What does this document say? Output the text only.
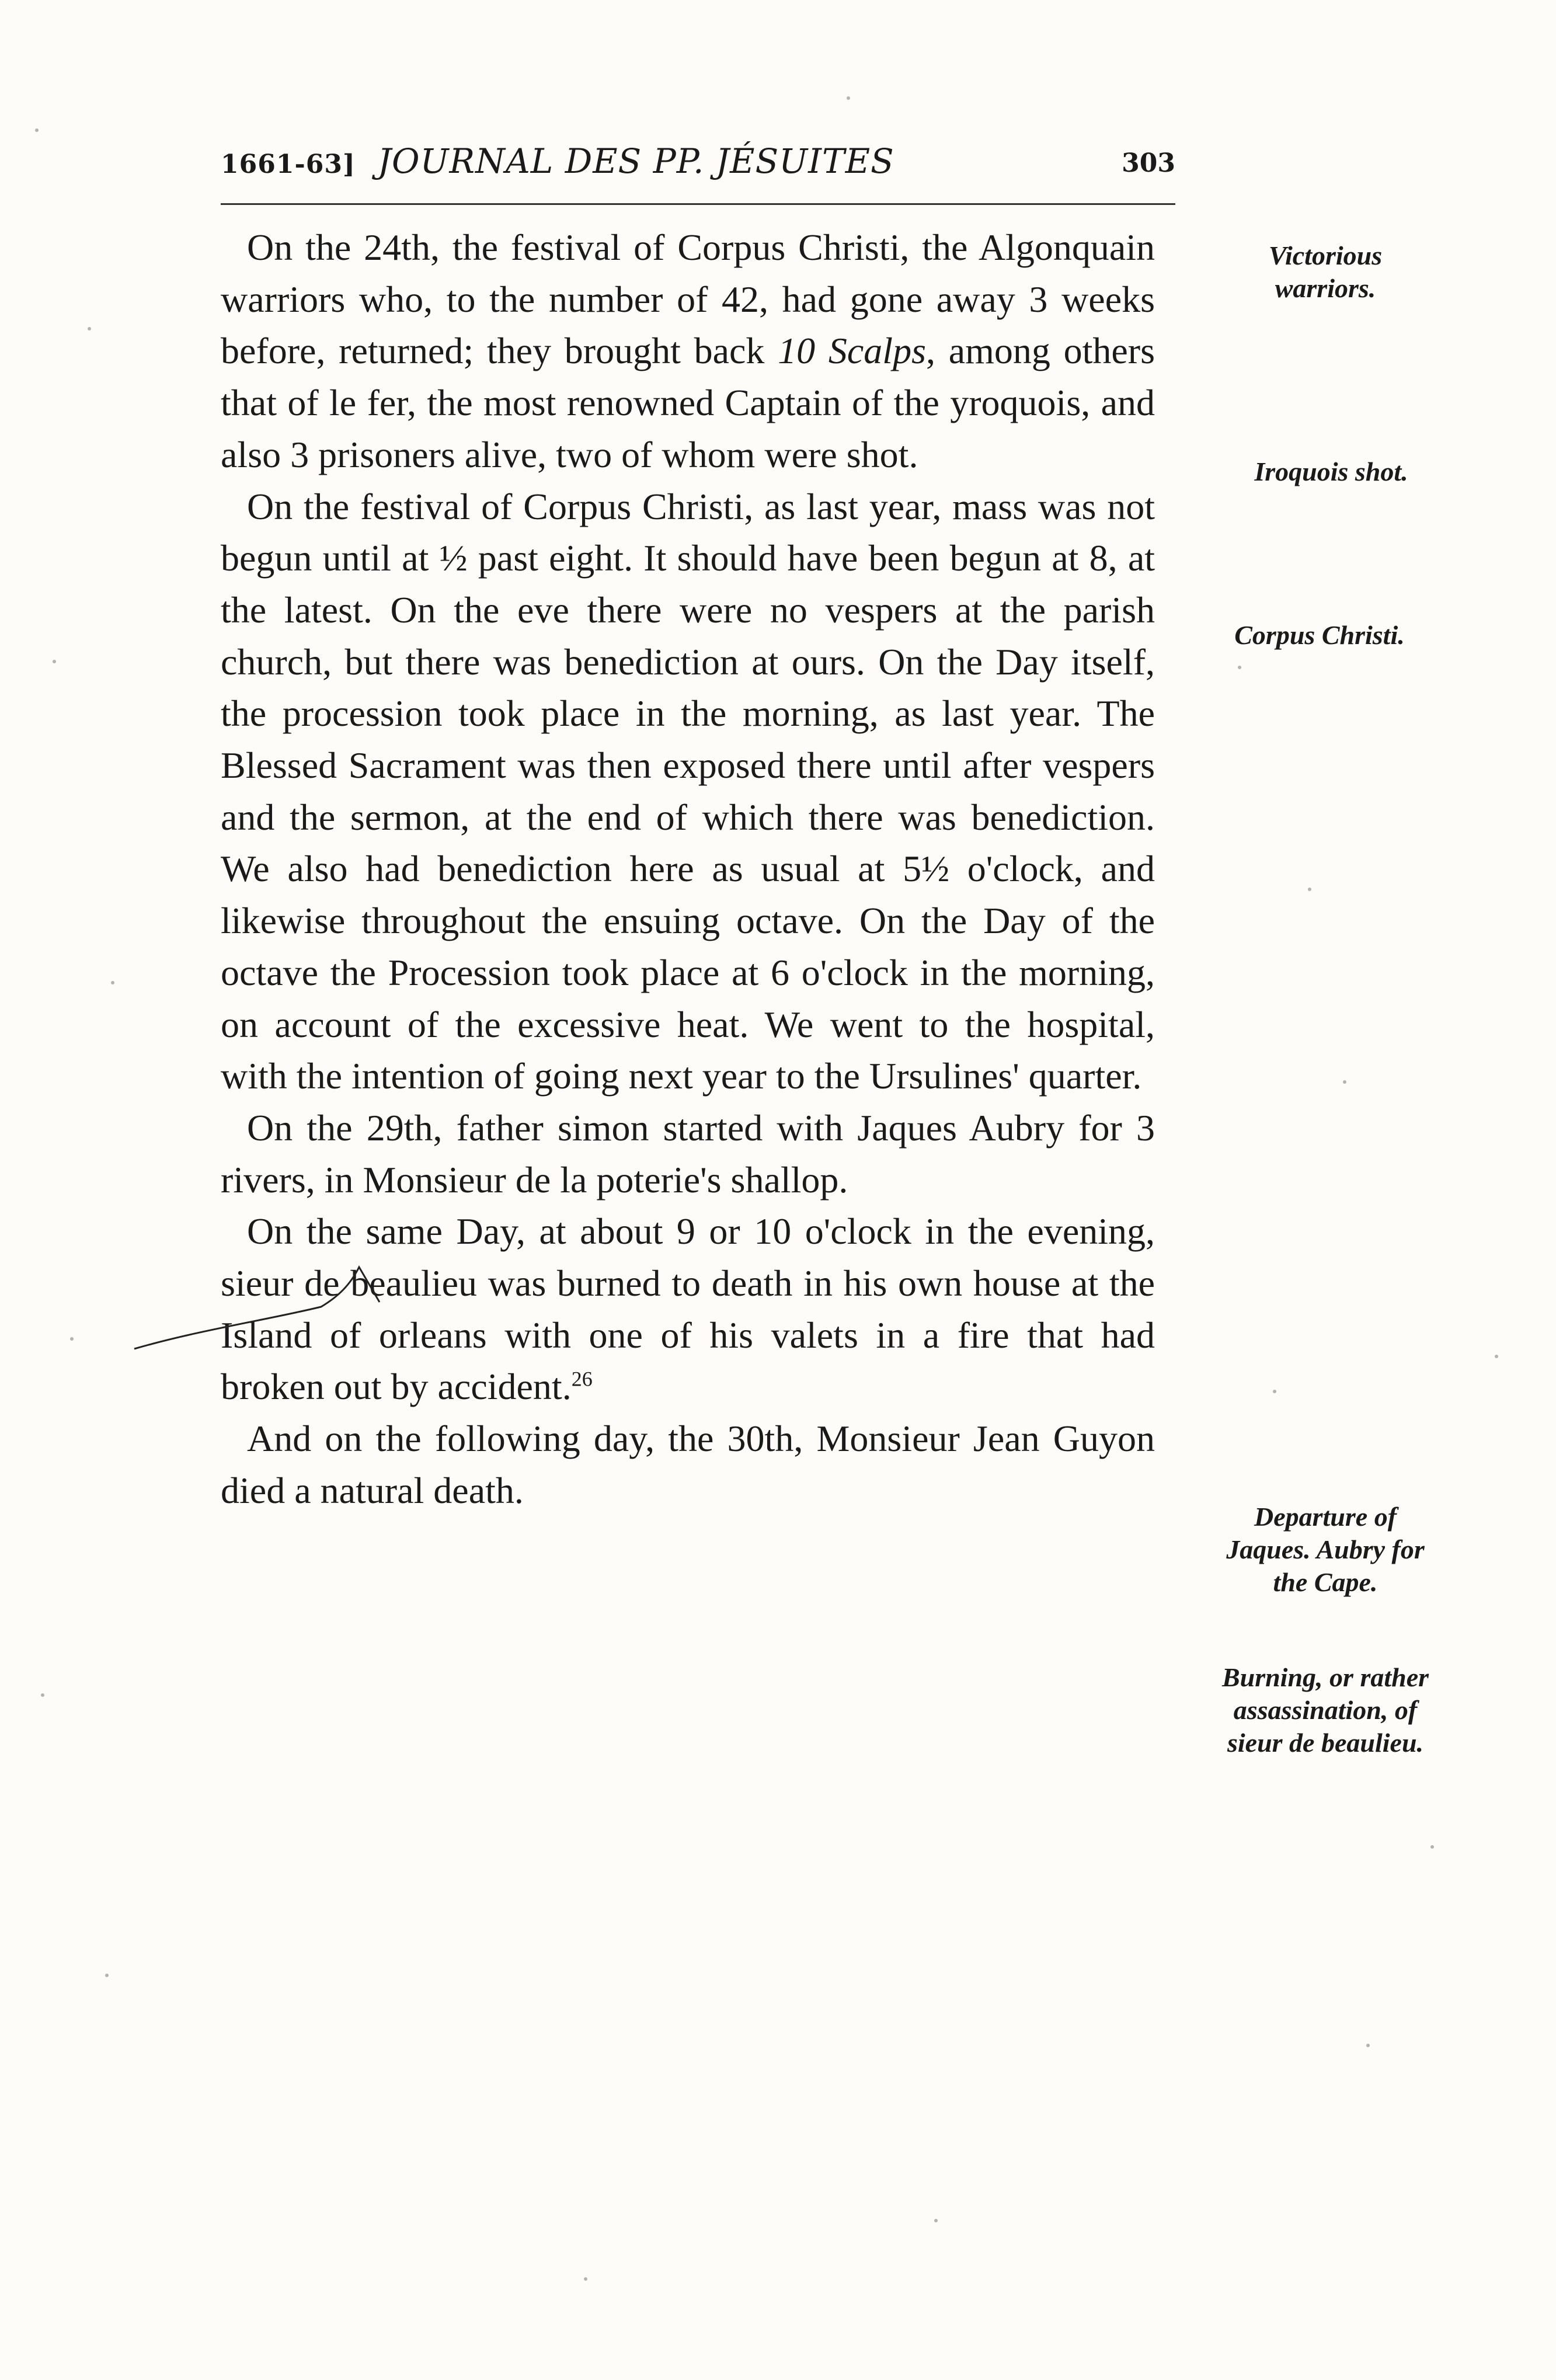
1661-63] JOURNAL DES PP. JÉSUITES	303

On the 24th, the festival of Corpus Christi, the Algonquain warriors who, to the number of 42, had gone away 3 weeks before, returned; they brought back 10 Scalps, among others that of le fer, the most renowned Captain of the yroquois, and also 3 prisoners alive, two of whom were shot.

On the festival of Corpus Christi, as last year, mass was not begun until at ½ past eight. It should have been begun at 8, at the latest. On the eve there were no vespers at the parish church, but there was benediction at ours. On the Day itself, the procession took place in the morning, as last year. The Blessed Sacrament was then exposed there until after vespers and the sermon, at the end of which there was benediction. We also had benediction here as usual at 5½ o'clock, and likewise throughout the ensuing octave. On the Day of the octave the Procession took place at 6 o'clock in the morning, on account of the excessive heat. We went to the hospital, with the intention of going next year to the Ursulines' quarter.

On the 29th, father simon started with Jaques Aubry for 3 rivers, in Monsieur de la poterie's shallop.

On the same Day, at about 9 or 10 o'clock in the evening, sieur de beaulieu was burned to death in his own house at the Island of orleans with one of his valets in a fire that had broken out by accident.$^{26}$

And on the following day, the 30th, Monsieur Jean Guyon died a natural death.

Victorious
warriors.
Iroquois shot.
Corpus Christi.
Departure of
Jaques. Aubry for
the Cape.
Burning, or rather
assassination, of
sieur de beaulieu.
